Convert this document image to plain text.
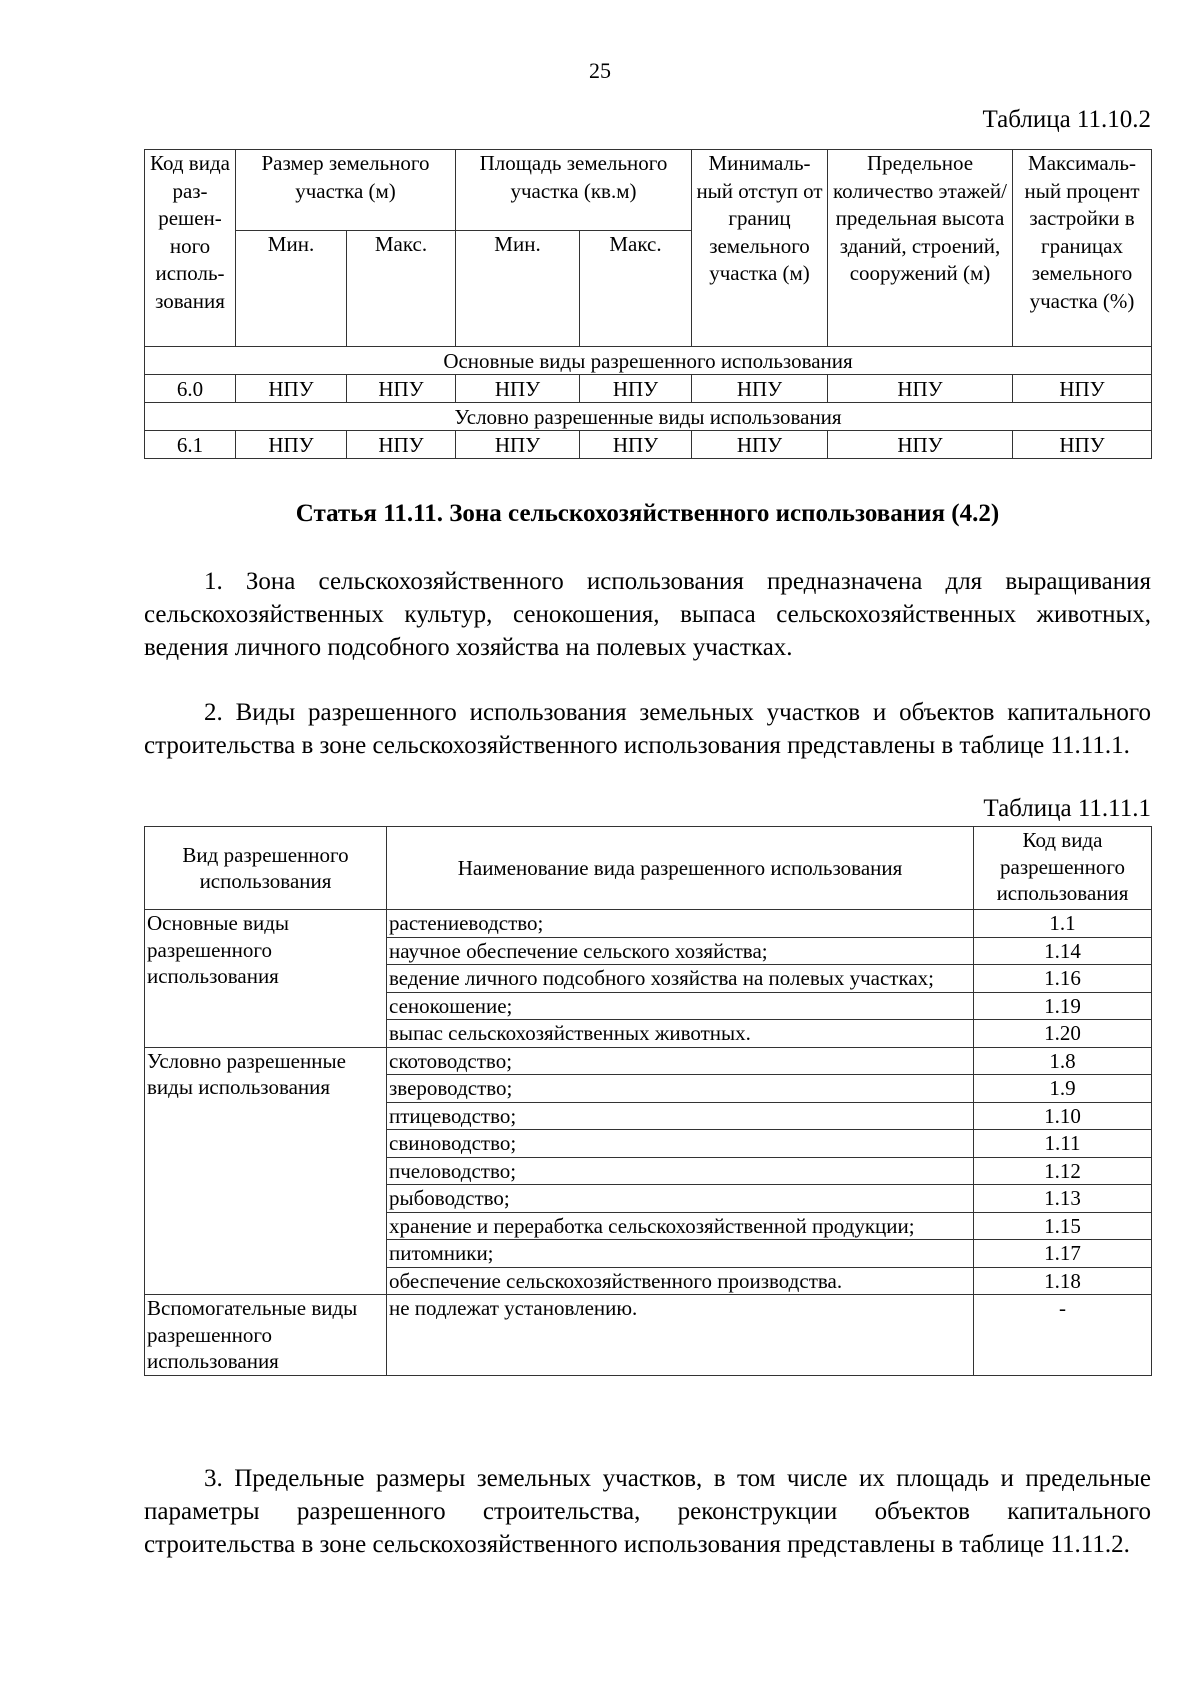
25
Таблица 11.10.2
Код вида раз-решен-ного исполь-зования	Размер земельного участка (м)		Площадь земельного участка (кв.м)		Минималь-ный отступ от границ земельного участка (м)	Предельное количество этажей/ предельная высота зданий, строений, сооружений (м)	Максималь-ный процент застройки в границах земельного участка (%)
	Мин.	Макс.	Мин.	Макс.			
Основные виды разрешенного использования							
6.0	НПУ	НПУ	НПУ	НПУ	НПУ	НПУ	НПУ
Условно разрешенные виды использования							
6.1	НПУ	НПУ	НПУ	НПУ	НПУ	НПУ	НПУ
Статья 11.11. Зона сельскохозяйственного использования (4.2)
1. Зона сельскохозяйственного использования предназначена для выращивания сельскохозяйственных культур, сенокошения, выпаса сельскохозяйственных животных, ведения личного подсобного хозяйства на полевых участках.
2. Виды разрешенного использования земельных участков и объектов капитального строительства в зоне сельскохозяйственного использования представлены в таблице 11.11.1.
Таблица 11.11.1
Вид разрешенного использования	Наименование вида разрешенного использования	Код вида разрешенного использования
Основные виды разрешенного использования	растениеводство;	1.1
	научное обеспечение сельского хозяйства;	1.14
	ведение личного подсобного хозяйства на полевых участках;	1.16
	сенокошение;	1.19
	выпас сельскохозяйственных животных.	1.20
Условно разрешенные виды использования	скотоводство;	1.8
	звероводство;	1.9
	птицеводство;	1.10
	свиноводство;	1.11
	пчеловодство;	1.12
	рыбоводство;	1.13
	хранение и переработка сельскохозяйственной продукции;	1.15
	питомники;	1.17
	обеспечение сельскохозяйственного производства.	1.18
Вспомогательные виды разрешенного использования	не подлежат установлению.	-
3. Предельные размеры земельных участков, в том числе их площадь и предельные параметры разрешенного строительства, реконструкции объектов капитального строительства в зоне сельскохозяйственного использования представлены в таблице 11.11.2.
